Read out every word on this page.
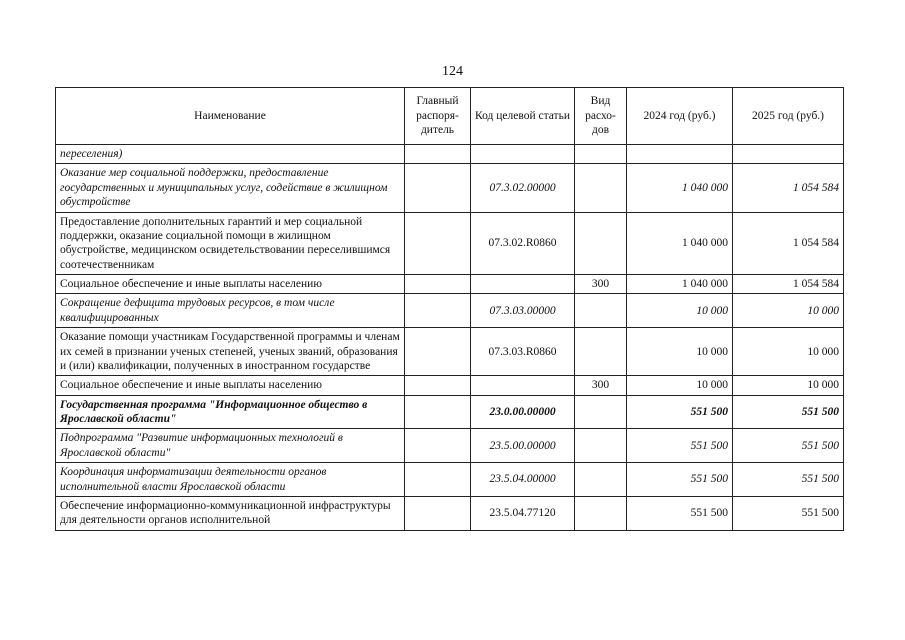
124
Наименование	Главный распоря-дитель	Код целевой статьи	Вид расхо-дов	2024 год (руб.)	2025 год (руб.)
переселения)					
Оказание мер социальной поддержки, предоставление государственных и муниципальных услуг, содействие в жилищном обустройстве		07.3.02.00000		1 040 000	1 054 584
Предоставление дополнительных гарантий и мер социальной поддержки, оказание социальной помощи в жилищном обустройстве, медицинском освидетельствовании переселившимся соотечественникам		07.3.02.R0860		1 040 000	1 054 584
Социальное обеспечение и иные выплаты населению			300	1 040 000	1 054 584
Сокращение дефицита трудовых ресурсов, в том числе квалифицированных		07.3.03.00000		10 000	10 000
Оказание помощи участникам Государственной программы и членам их семей в признании ученых степеней, ученых званий, образования и (или) квалификации, полученных в иностранном государстве		07.3.03.R0860		10 000	10 000
Социальное обеспечение и иные выплаты населению			300	10 000	10 000
Государственная программа "Информационное общество в Ярославской области"		23.0.00.00000		551 500	551 500
Подпрограмма "Развитие информационных технологий в Ярославской области"		23.5.00.00000		551 500	551 500
Координация информатизации деятельности органов исполнительной власти Ярославской области		23.5.04.00000		551 500	551 500
Обеспечение информационно-коммуникационной инфраструктуры для деятельности органов исполнительной		23.5.04.77120		551 500	551 500
